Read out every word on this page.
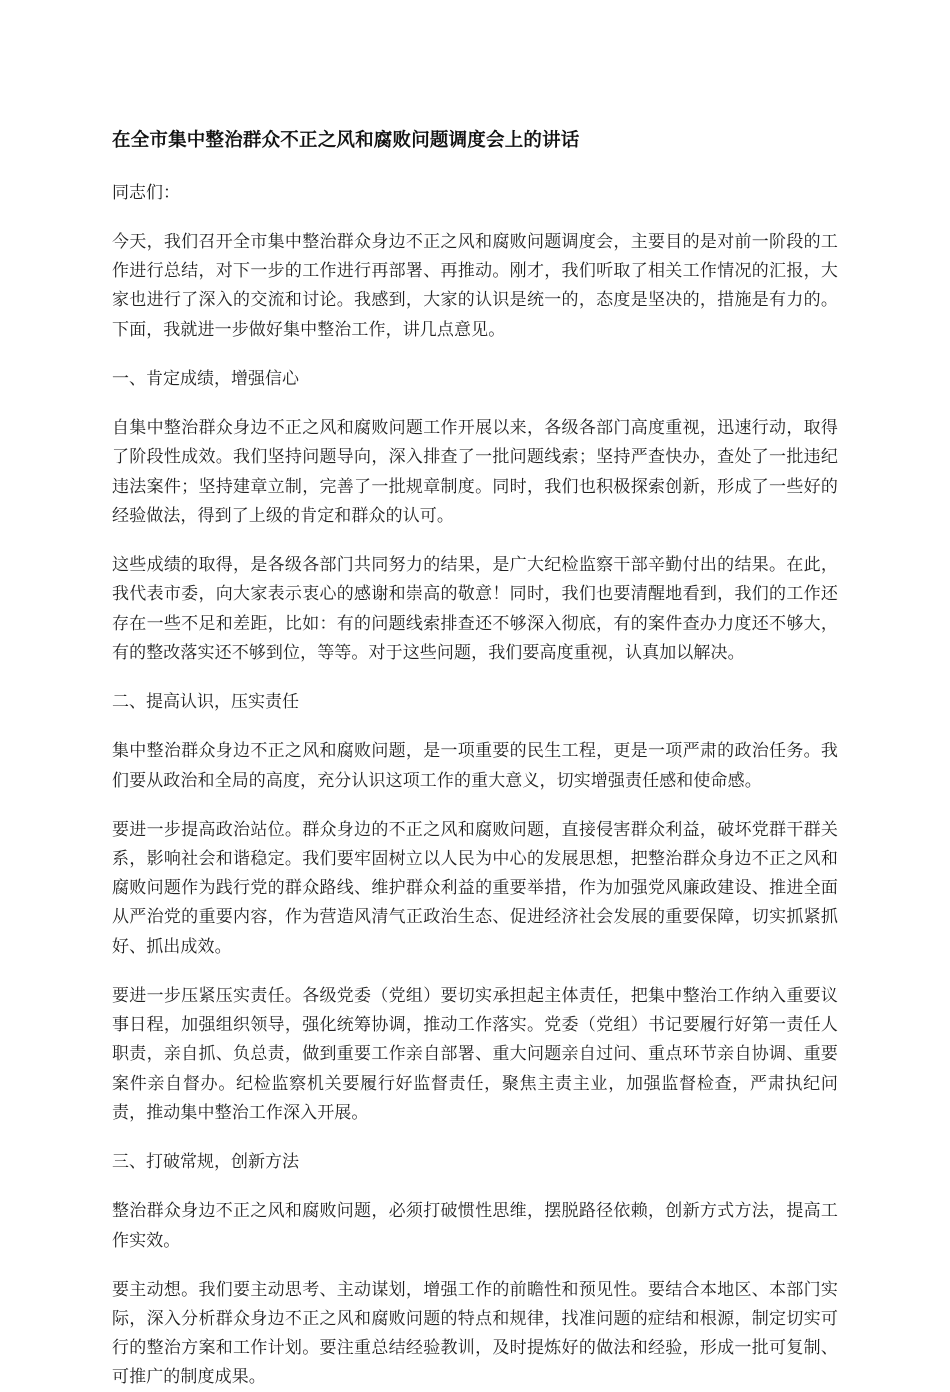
在全市集中整治群众不正之风和腐败问题调度会上的讲话

同志们：

今天，我们召开全市集中整治群众身边不正之风和腐败问题调度会，主要目的是对前一阶段的工作进行总结，对下一步的工作进行再部署、再推动。刚才，我们听取了相关工作情况的汇报，大家也进行了深入的交流和讨论。我感到，大家的认识是统一的，态度是坚决的，措施是有力的。下面，我就进一步做好集中整治工作，讲几点意见。

一、肯定成绩，增强信心

自集中整治群众身边不正之风和腐败问题工作开展以来，各级各部门高度重视，迅速行动，取得了阶段性成效。我们坚持问题导向，深入排查了一批问题线索；坚持严查快办，查处了一批违纪违法案件；坚持建章立制，完善了一批规章制度。同时，我们也积极探索创新，形成了一些好的经验做法，得到了上级的肯定和群众的认可。

这些成绩的取得，是各级各部门共同努力的结果，是广大纪检监察干部辛勤付出的结果。在此，我代表市委，向大家表示衷心的感谢和崇高的敬意！同时，我们也要清醒地看到，我们的工作还存在一些不足和差距，比如：有的问题线索排查还不够深入彻底，有的案件查办力度还不够大，有的整改落实还不够到位，等等。对于这些问题，我们要高度重视，认真加以解决。

二、提高认识，压实责任

集中整治群众身边不正之风和腐败问题，是一项重要的民生工程，更是一项严肃的政治任务。我们要从政治和全局的高度，充分认识这项工作的重大意义，切实增强责任感和使命感。

要进一步提高政治站位。群众身边的不正之风和腐败问题，直接侵害群众利益，破坏党群干群关系，影响社会和谐稳定。我们要牢固树立以人民为中心的发展思想，把整治群众身边不正之风和腐败问题作为践行党的群众路线、维护群众利益的重要举措，作为加强党风廉政建设、推进全面从严治党的重要内容，作为营造风清气正政治生态、促进经济社会发展的重要保障，切实抓紧抓好、抓出成效。

要进一步压紧压实责任。各级党委（党组）要切实承担起主体责任，把集中整治工作纳入重要议事日程，加强组织领导，强化统筹协调，推动工作落实。党委（党组）书记要履行好第一责任人职责，亲自抓、负总责，做到重要工作亲自部署、重大问题亲自过问、重点环节亲自协调、重要案件亲自督办。纪检监察机关要履行好监督责任，聚焦主责主业，加强监督检查，严肃执纪问责，推动集中整治工作深入开展。

三、打破常规，创新方法

整治群众身边不正之风和腐败问题，必须打破惯性思维，摆脱路径依赖，创新方式方法，提高工作实效。

要主动想。我们要主动思考、主动谋划，增强工作的前瞻性和预见性。要结合本地区、本部门实际，深入分析群众身边不正之风和腐败问题的特点和规律，找准问题的症结和根源，制定切实可行的整治方案和工作计划。要注重总结经验教训，及时提炼好的做法和经验，形成一批可复制、可推广的制度成果。
